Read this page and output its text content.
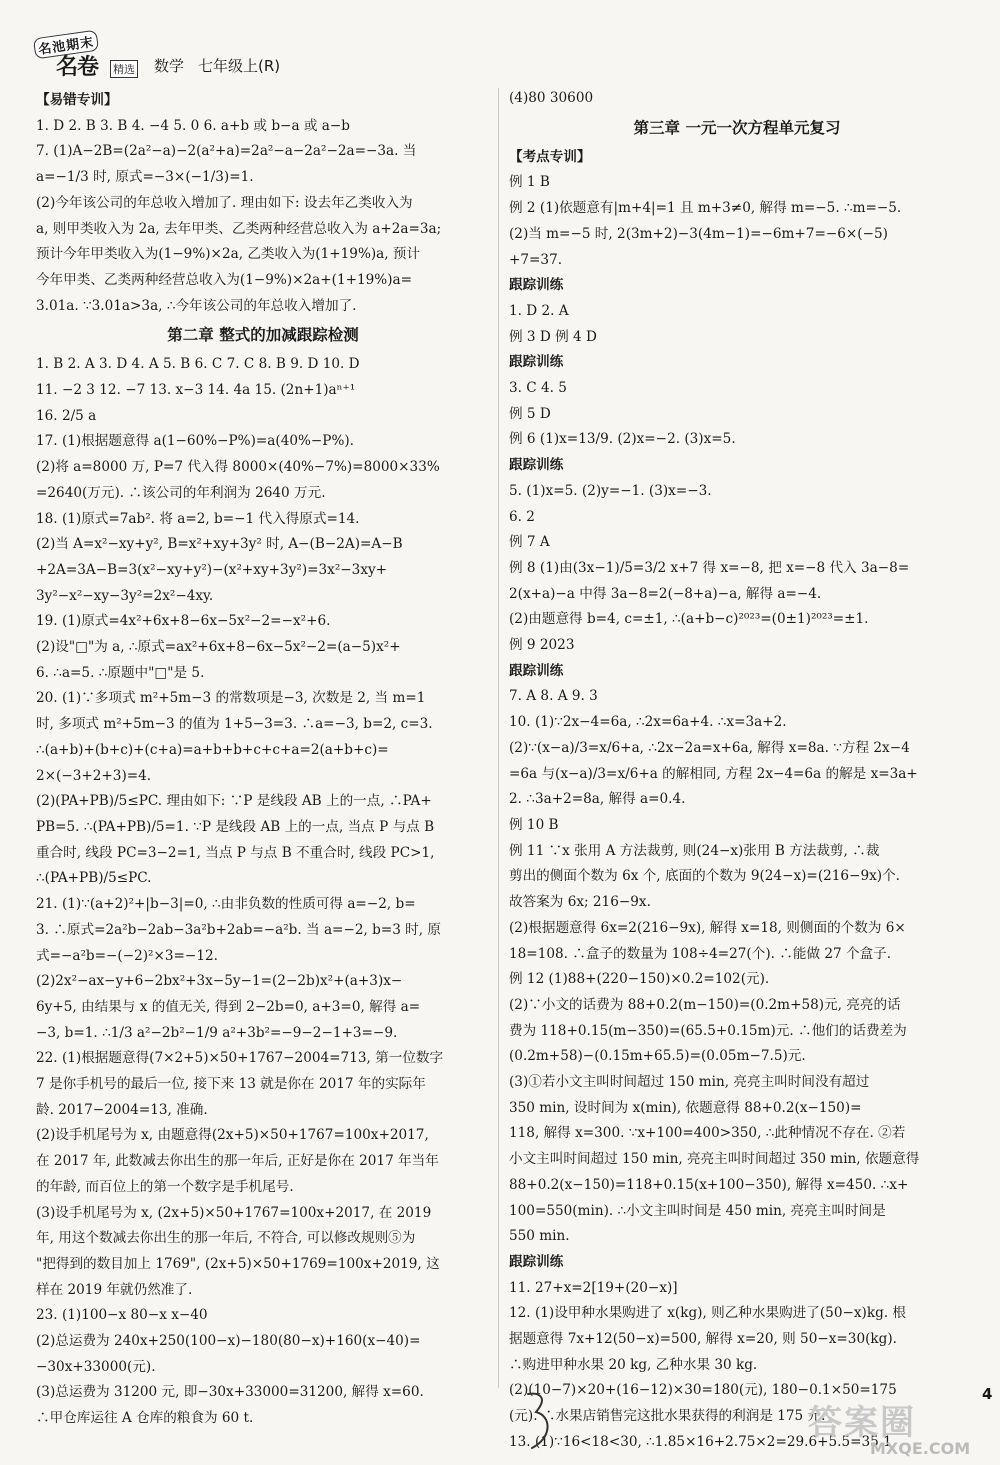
名池期末
名卷 精选 数学 七年级上(R)
【易错专训】
1. D 2. B 3. B 4. −4 5. 0 6. a+b 或 b−a 或 a−b
7. (1)A−2B=(2a²−a)−2(a²+a)=2a²−a−2a²−2a=−3a. 当
a=−1/3 时, 原式=−3×(−1/3)=1.
(2)今年该公司的年总收入增加了. 理由如下: 设去年乙类收入为
a, 则甲类收入为 2a, 去年甲类、乙类两种经营总收入为 a+2a=3a;
预计今年甲类收入为(1−9%)×2a, 乙类收入为(1+19%)a, 预计
今年甲类、乙类两种经营总收入为(1−9%)×2a+(1+19%)a=
3.01a. ∵3.01a>3a, ∴今年该公司的年总收入增加了.
第二章 整式的加减跟踪检测
1. B 2. A 3. D 4. A 5. B 6. C 7. C 8. B 9. D 10. D
11. −2 3 12. −7 13. x−3 14. 4a 15. (2n+1)aⁿ⁺¹
16. 2/5 a
17. (1)根据题意得 a(1−60%−P%)=a(40%−P%).
(2)将 a=8000 万, P=7 代入得 8000×(40%−7%)=8000×33%
=2640(万元). ∴该公司的年利润为 2640 万元.
18. (1)原式=7ab². 将 a=2, b=−1 代入得原式=14.
(2)当 A=x²−xy+y², B=x²+xy+3y² 时, A−(B−2A)=A−B
+2A=3A−B=3(x²−xy+y²)−(x²+xy+3y²)=3x²−3xy+
3y²−x²−xy−3y²=2x²−4xy.
19. (1)原式=4x²+6x+8−6x−5x²−2=−x²+6.
(2)设"□"为 a, ∴原式=ax²+6x+8−6x−5x²−2=(a−5)x²+
6. ∴a=5. ∴原题中"□"是 5.
20. (1)∵多项式 m²+5m−3 的常数项是−3, 次数是 2, 当 m=1
时, 多项式 m²+5m−3 的值为 1+5−3=3. ∴a=−3, b=2, c=3.
∴(a+b)+(b+c)+(c+a)=a+b+b+c+c+a=2(a+b+c)=
2×(−3+2+3)=4.
(2)(PA+PB)/5≤PC. 理由如下: ∵P 是线段 AB 上的一点, ∴PA+
PB=5. ∴(PA+PB)/5=1. ∵P 是线段 AB 上的一点, 当点 P 与点 B
重合时, 线段 PC=3−2=1, 当点 P 与点 B 不重合时, 线段 PC>1,
∴(PA+PB)/5≤PC.
21. (1)∵(a+2)²+|b−3|=0, ∴由非负数的性质可得 a=−2, b=
3. ∴原式=2a²b−2ab−3a²b+2ab=−a²b. 当 a=−2, b=3 时, 原
式=−a²b=−(−2)²×3=−12.
(2)2x²−ax−y+6−2bx²+3x−5y−1=(2−2b)x²+(a+3)x−
6y+5, 由结果与 x 的值无关, 得到 2−2b=0, a+3=0, 解得 a=
−3, b=1. ∴1/3 a²−2b²−1/9 a²+3b²=−9−2−1+3=−9.
22. (1)根据题意得(7×2+5)×50+1767−2004=713, 第一位数字
7 是你手机号的最后一位, 接下来 13 就是你在 2017 年的实际年
龄. 2017−2004=13, 准确.
(2)设手机尾号为 x, 由题意得(2x+5)×50+1767=100x+2017,
在 2017 年, 此数减去你出生的那一年后, 正好是你在 2017 年当年
的年龄, 而百位上的第一个数字是手机尾号.
(3)设手机尾号为 x, (2x+5)×50+1767=100x+2017, 在 2019
年, 用这个数减去你出生的那一年后, 不符合, 可以修改规则⑤为
"把得到的数目加上 1769", (2x+5)×50+1769=100x+2019, 这
样在 2019 年就仍然准了.
23. (1)100−x 80−x x−40
(2)总运费为 240x+250(100−x)−180(80−x)+160(x−40)=
−30x+33000(元).
(3)总运费为 31200 元, 即−30x+33000=31200, 解得 x=60.
∴甲仓库运往 A 仓库的粮食为 60 t.
(4)80 30600
第三章 一元一次方程单元复习
【考点专训】
例 1 B
例 2 (1)依题意有|m+4|=1 且 m+3≠0, 解得 m=−5. ∴m=−5.
(2)当 m=−5 时, 2(3m+2)−3(4m−1)=−6m+7=−6×(−5)
+7=37.
跟踪训练
1. D 2. A
例 3 D 例 4 D
跟踪训练
3. C 4. 5
例 5 D
例 6 (1)x=13/9. (2)x=−2. (3)x=5.
跟踪训练
5. (1)x=5. (2)y=−1. (3)x=−3.
6. 2
例 7 A
例 8 (1)由(3x−1)/5=3/2 x+7 得 x=−8, 把 x=−8 代入 3a−8=
2(x+a)−a 中得 3a−8=2(−8+a)−a, 解得 a=−4.
(2)由题意得 b=4, c=±1, ∴(a+b−c)²⁰²³=(0±1)²⁰²³=±1.
例 9 2023
跟踪训练
7. A 8. A 9. 3
10. (1)∵2x−4=6a, ∴2x=6a+4. ∴x=3a+2.
(2)∵(x−a)/3=x/6+a, ∴2x−2a=x+6a, 解得 x=8a. ∵方程 2x−4
=6a 与(x−a)/3=x/6+a 的解相同, 方程 2x−4=6a 的解是 x=3a+
2. ∴3a+2=8a, 解得 a=0.4.
例 10 B
例 11 ∵x 张用 A 方法裁剪, 则(24−x)张用 B 方法裁剪, ∴裁
剪出的侧面个数为 6x 个, 底面的个数为 9(24−x)=(216−9x)个.
故答案为 6x; 216−9x.
(2)根据题意得 6x=2(216−9x), 解得 x=18, 则侧面的个数为 6×
18=108. ∴盒子的数量为 108÷4=27(个). ∴能做 27 个盒子.
例 12 (1)88+(220−150)×0.2=102(元).
(2)∵小文的话费为 88+0.2(m−150)=(0.2m+58)元, 亮亮的话
费为 118+0.15(m−350)=(65.5+0.15m)元. ∴他们的话费差为
(0.2m+58)−(0.15m+65.5)=(0.05m−7.5)元.
(3)①若小文主叫时间超过 150 min, 亮亮主叫时间没有超过
350 min, 设时间为 x(min), 依题意得 88+0.2(x−150)=
118, 解得 x=300. ∵x+100=400>350, ∴此种情况不存在. ②若
小文主叫时间超过 150 min, 亮亮主叫时间超过 350 min, 依题意得
88+0.2(x−150)=118+0.15(x+100−350), 解得 x=450. ∴x+
100=550(min). ∴小文主叫时间是 450 min, 亮亮主叫时间是
550 min.
跟踪训练
11. 27+x=2[19+(20−x)]
12. (1)设甲种水果购进了 x(kg), 则乙种水果购进了(50−x)kg. 根
据题意得 7x+12(50−x)=500, 解得 x=20, 则 50−x=30(kg).
∴购进甲种水果 20 kg, 乙种水果 30 kg.
(2)(10−7)×20+(16−12)×30=180(元), 180−0.1×50=175
(元). ∴水果店销售完这批水果获得的利润是 175 元.
13. (1)∵16<18<30, ∴1.85×16+2.75×2=29.6+5.5=35.1
4
答案圈
MXQE.COM
